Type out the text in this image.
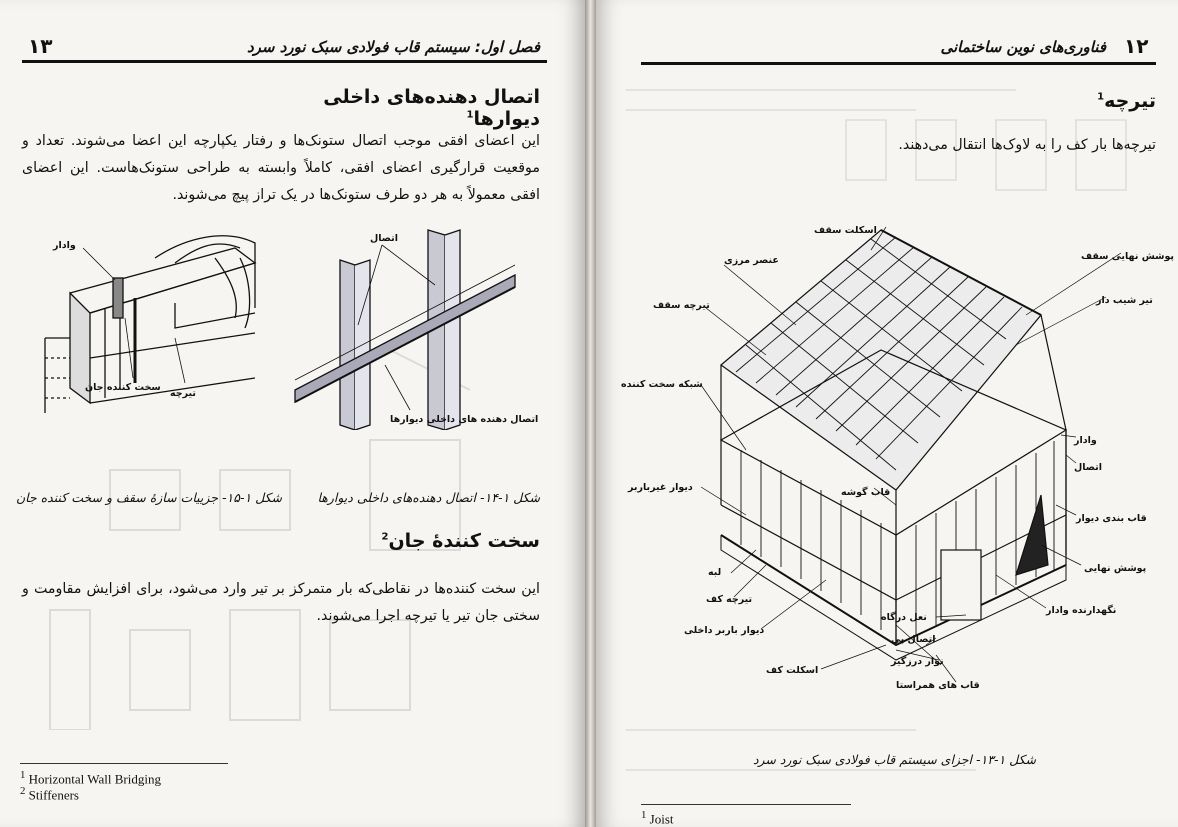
۱۳	فصل اول: سیستم قاب فولادی سبک نورد سرد
اتصال دهنده‌های داخلی دیوارها$^1$
این اعضای افقی موجب اتصال ستونک‌ها و رفتار یکپارچه این اعضا می‌شوند. تعداد و موقعیت قرارگیری اعضای افقی، کاملاً وابسته به طراحی ستونک‌هاست. این اعضای افقی معمولاً به هر دو طرف ستونک‌ها در یک تراز پیچ می‌شوند.
وادار
سخت کننده جان
تیرچه
اتصال
اتصال دهنده های داخلی دیوارها
شکل ۱-۱۴- اتصال دهنده‌های داخلی دیوارها
شکل ۱-۱۵- جزییات سازهٔ سقف و سخت کننده جان
سخت کنندهٔ جان$^2$
این سخت کننده‌ها در نقاطی‌که بار متمرکز بر تیر وارد می‌شود، برای افزایش مقاومت و سختی جان تیر یا تیرچه اجرا می‌شوند.
$^1$ Horizontal Wall Bridging
$^2$ Stiffeners
۱۲
فناوری‌های نوین ساختمانی
تیرچه$^1$
تیرچه‌ها بار کف را به لاوک‌ها انتقال می‌دهند.
اسکلت سقف
پوشش نهایی سقف
عنصر مرزی
تیر شیب دار
تیرچه سقف
شبکه سخت کننده
وادار
اتصال
دیوار غیرباربر	قاب گوشه
قاب بندی دیوار
پوشش نهایی
لبه
تیرچه کف
نگهدارنده وادار
نعل درگاه
دیوار باربر داخلی
اتصال پی
نوار درزگیر
اسکلت کف
قاب های همراستا
شکل ۱-۱۳- اجزای سیستم قاب فولادی سبک نورد سرد
$^1$ Joist
